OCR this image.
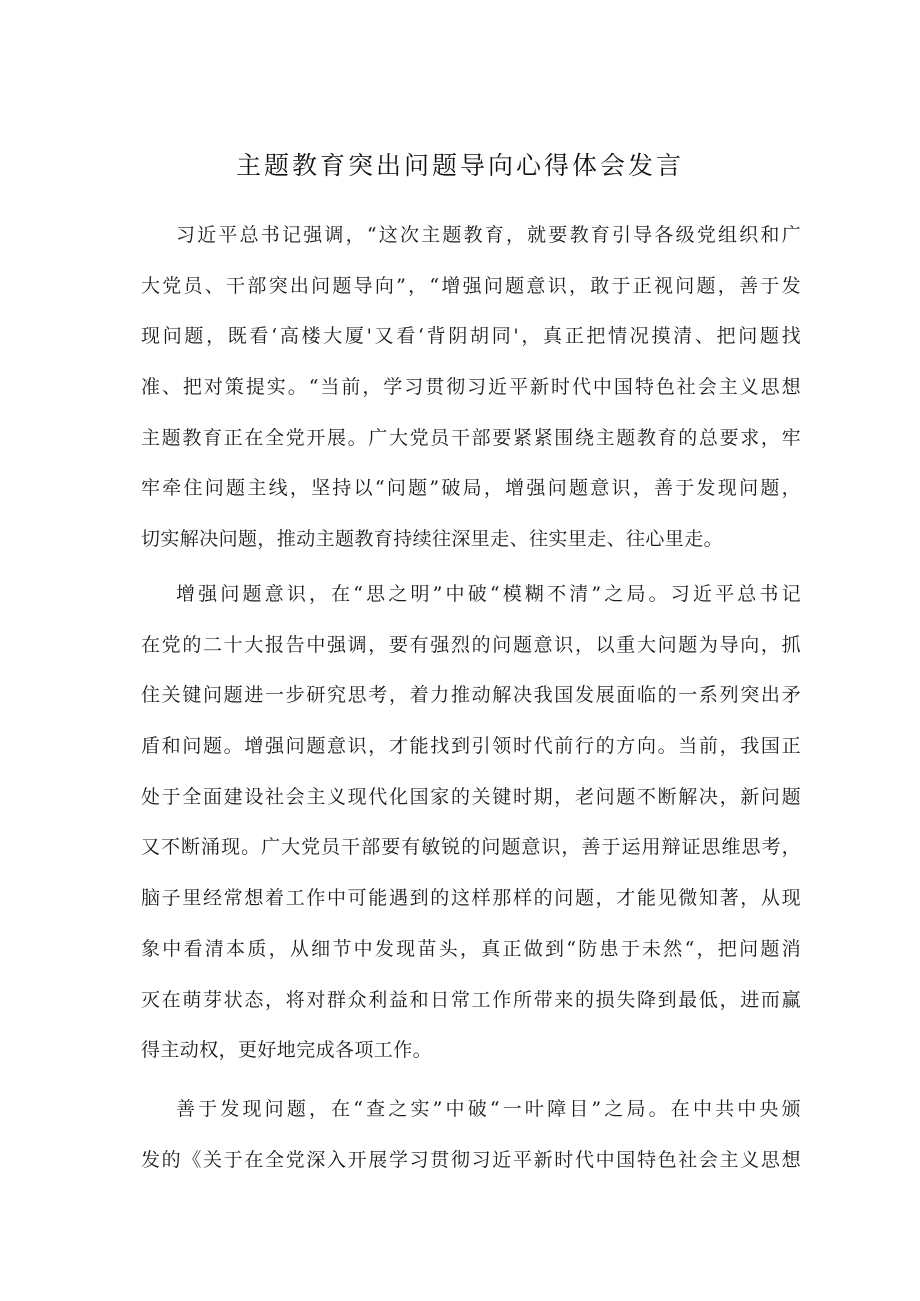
主题教育突出问题导向心得体会发言
习近平总书记强调，“这次主题教育，就要教育引导各级党组织和广
大党员、干部突出问题导向”，“增强问题意识，敢于正视问题，善于发
现问题，既看‘高楼大厦'又看‘背阴胡同'，真正把情况摸清、把问题找
准、把对策提实。“当前，学习贯彻习近平新时代中国特色社会主义思想
主题教育正在全党开展。广大党员干部要紧紧围绕主题教育的总要求，牢
牢牵住问题主线，坚持以“问题”破局，增强问题意识，善于发现问题，
切实解决问题，推动主题教育持续往深里走、往实里走、往心里走。
增强问题意识，在“思之明”中破“模糊不清”之局。习近平总书记
在党的二十大报告中强调，要有强烈的问题意识，以重大问题为导向，抓
住关键问题进一步研究思考，着力推动解决我国发展面临的一系列突出矛
盾和问题。增强问题意识，才能找到引领时代前行的方向。当前，我国正
处于全面建设社会主义现代化国家的关键时期，老问题不断解决，新问题
又不断涌现。广大党员干部要有敏锐的问题意识，善于运用辩证思维思考，
脑子里经常想着工作中可能遇到的这样那样的问题，才能见微知著，从现
象中看清本质，从细节中发现苗头，真正做到“防患于未然“，把问题消
灭在萌芽状态，将对群众利益和日常工作所带来的损失降到最低，进而赢
得主动权，更好地完成各项工作。
善于发现问题，在“查之实”中破“一叶障目”之局。在中共中央颁
发的《关于在全党深入开展学习贯彻习近平新时代中国特色社会主义思想
